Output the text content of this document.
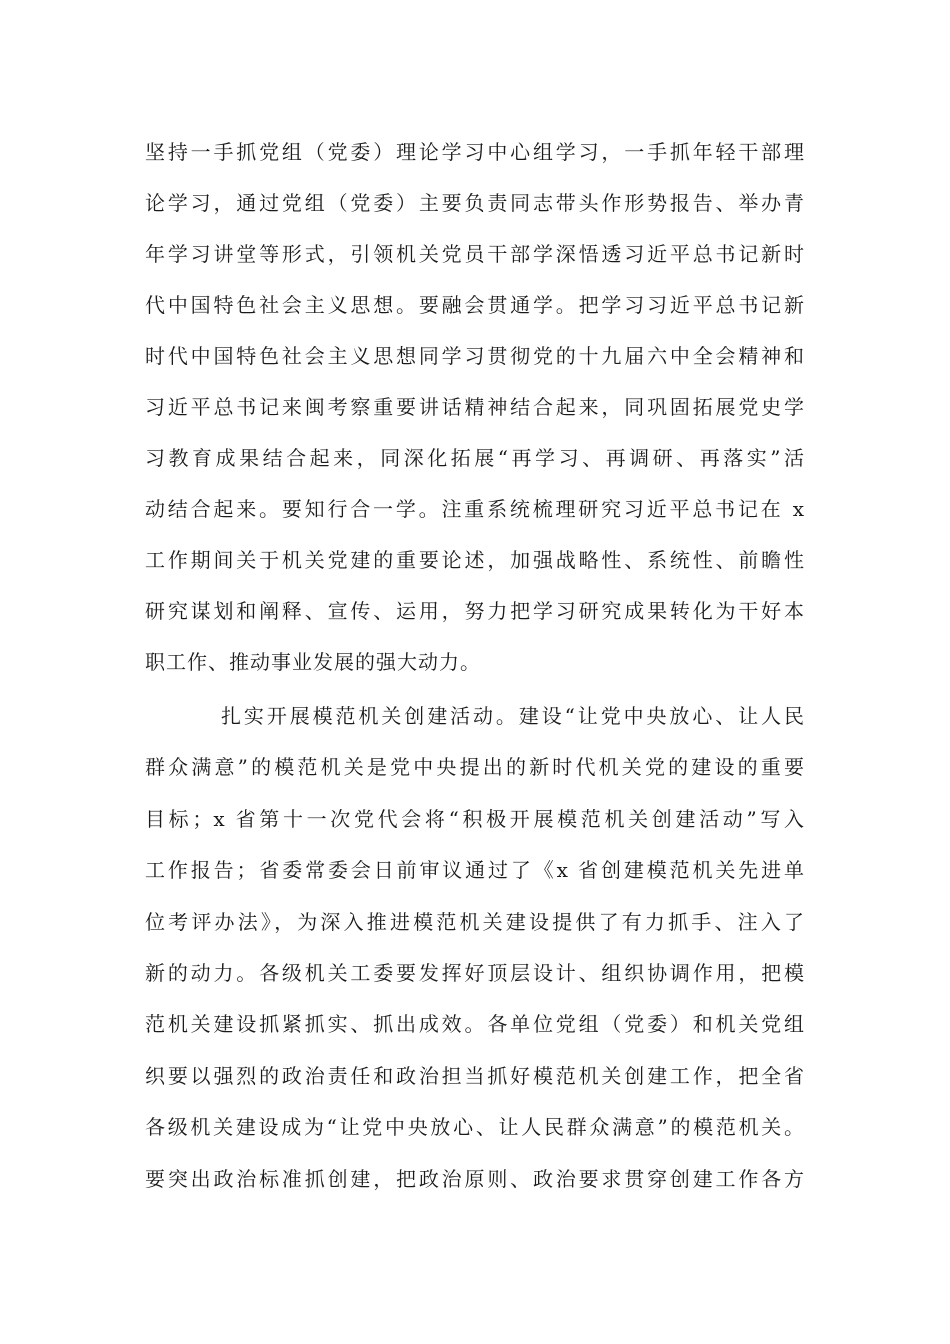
坚持一手抓党组（党委）理论学习中心组学习，一手抓年轻干部理
论学习，通过党组（党委）主要负责同志带头作形势报告、举办青
年学习讲堂等形式，引领机关党员干部学深悟透习近平总书记新时
代中国特色社会主义思想。要融会贯通学。把学习习近平总书记新
时代中国特色社会主义思想同学习贯彻党的十九届六中全会精神和
习近平总书记来闽考察重要讲话精神结合起来，同巩固拓展党史学
习教育成果结合起来，同深化拓展“再学习、再调研、再落实”活
动结合起来。要知行合一学。注重系统梳理研究习近平总书记在 x
工作期间关于机关党建的重要论述，加强战略性、系统性、前瞻性
研究谋划和阐释、宣传、运用，努力把学习研究成果转化为干好本
职工作、推动事业发展的强大动力。
扎实开展模范机关创建活动。建设“让党中央放心、让人民
群众满意”的模范机关是党中央提出的新时代机关党的建设的重要
目标；x 省第十一次党代会将“积极开展模范机关创建活动”写入
工作报告；省委常委会日前审议通过了《x 省创建模范机关先进单
位考评办法》，为深入推进模范机关建设提供了有力抓手、注入了
新的动力。各级机关工委要发挥好顶层设计、组织协调作用，把模
范机关建设抓紧抓实、抓出成效。各单位党组（党委）和机关党组
织要以强烈的政治责任和政治担当抓好模范机关创建工作，把全省
各级机关建设成为“让党中央放心、让人民群众满意”的模范机关。
要突出政治标准抓创建，把政治原则、政治要求贯穿创建工作各方
